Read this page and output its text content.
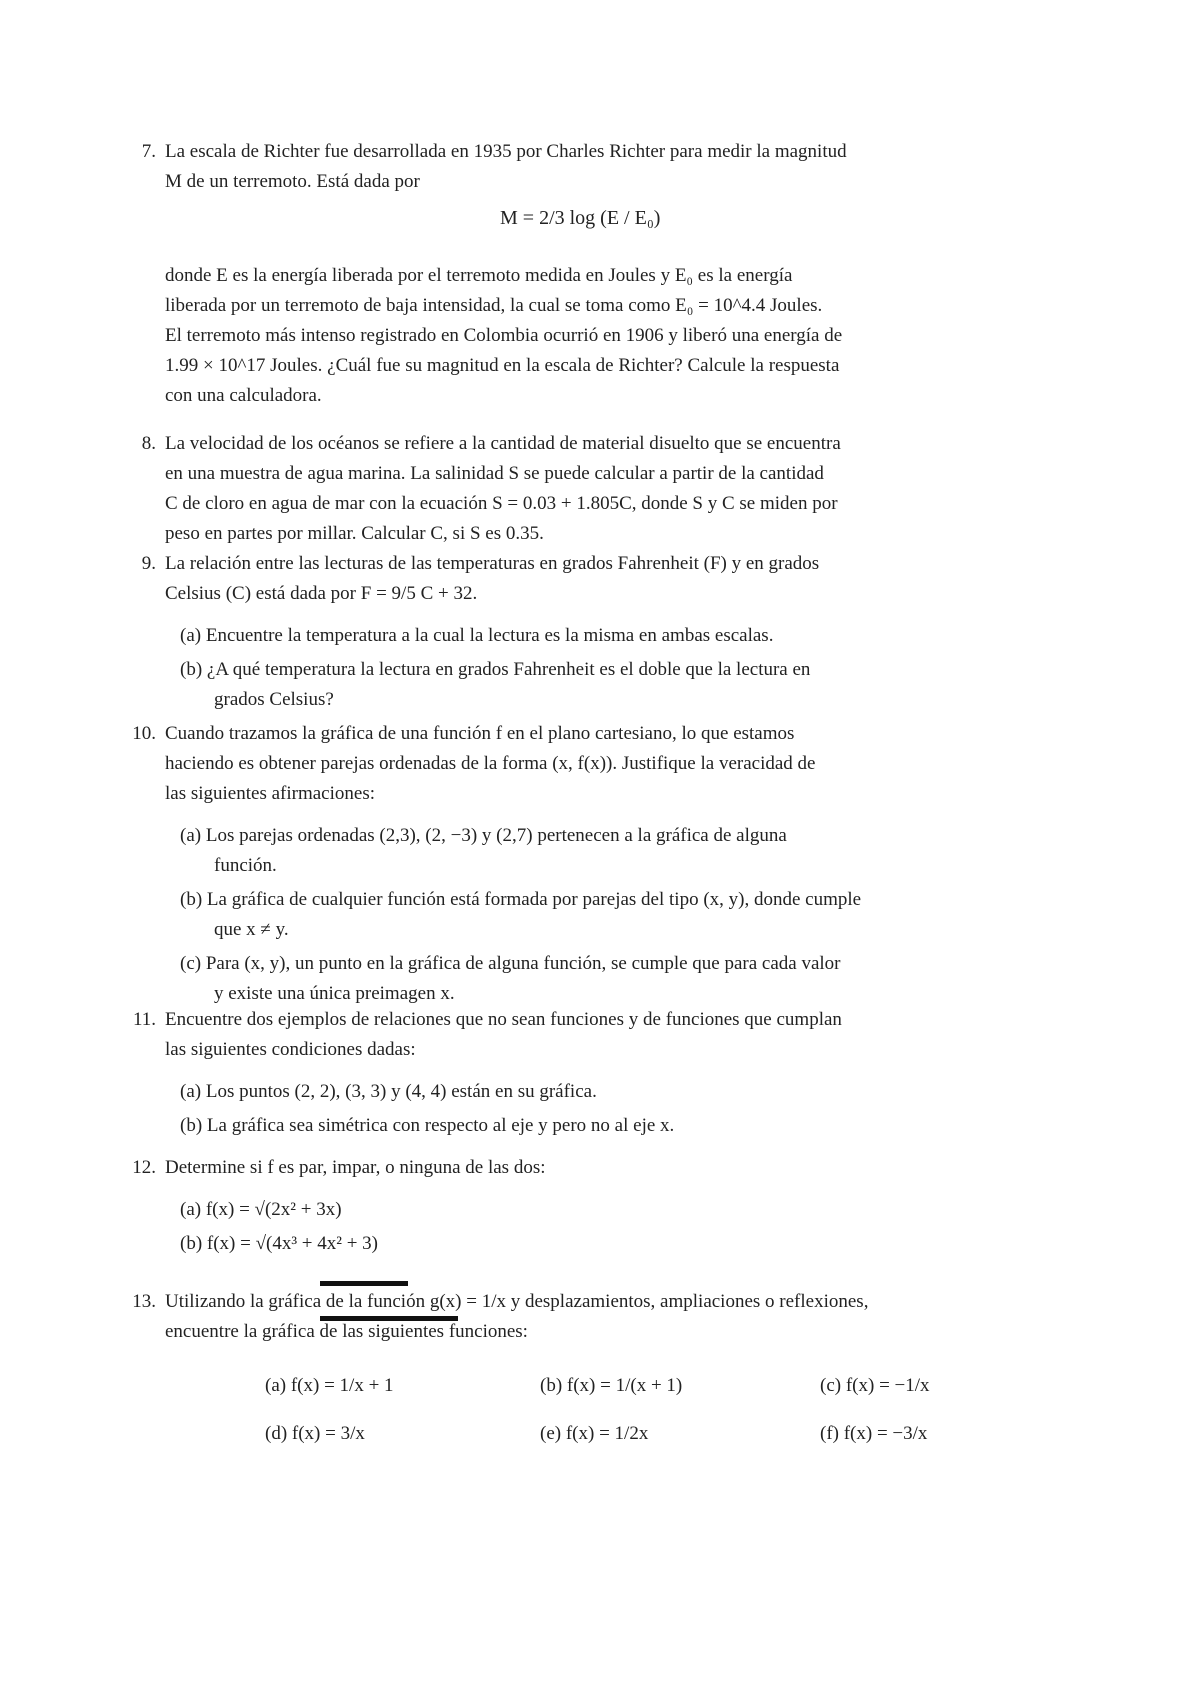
7. La escala de Richter fue desarrollada en 1935 por Charles Richter para medir la magnitud
M de un terremoto. Está dada por
M = 2/3 log (E / E₀)
donde E es la energía liberada por el terremoto medida en Joules y E₀ es la energía
liberada por un terremoto de baja intensidad, la cual se toma como E₀ = 10^4.4 Joules.
El terremoto más intenso registrado en Colombia ocurrió en 1906 y liberó una energía de
1.99 × 10^17 Joules. ¿Cuál fue su magnitud en la escala de Richter? Calcule la respuesta
con una calculadora.
8. La velocidad de los océanos se refiere a la cantidad de material disuelto que se encuentra
en una muestra de agua marina. La salinidad S se puede calcular a partir de la cantidad
C de cloro en agua de mar con la ecuación S = 0.03 + 1.805C, donde S y C se miden por
peso en partes por millar. Calcular C, si S es 0.35.
9. La relación entre las lecturas de las temperaturas en grados Fahrenheit (F) y en grados
Celsius (C) está dada por F = 9/5 C + 32.
(a) Encuentre la temperatura a la cual la lectura es la misma en ambas escalas.
(b) ¿A qué temperatura la lectura en grados Fahrenheit es el doble que la lectura en
grados Celsius?
10. Cuando trazamos la gráfica de una función f en el plano cartesiano, lo que estamos
haciendo es obtener parejas ordenadas de la forma (x, f(x)). Justifique la veracidad de
las siguientes afirmaciones:
(a) Los parejas ordenadas (2,3), (2, −3) y (2,7) pertenecen a la gráfica de alguna
función.
(b) La gráfica de cualquier función está formada por parejas del tipo (x, y), donde cumple
que x ≠ y.
(c) Para (x, y), un punto en la gráfica de alguna función, se cumple que para cada valor
y existe una única preimagen x.
11. Encuentre dos ejemplos de relaciones que no sean funciones y de funciones que cumplan
las siguientes condiciones dadas:
(a) Los puntos (2, 2), (3, 3) y (4, 4) están en su gráfica.
(b) La gráfica sea simétrica con respecto al eje y pero no al eje x.
12. Determine si f es par, impar, o ninguna de las dos:
(a) f(x) = √(2x² + 3x)
(b) f(x) = √(4x³ + 4x² + 3)
13. Utilizando la gráfica de la función g(x) = 1/x y desplazamientos, ampliaciones o reflexiones,
encuentre la gráfica de las siguientes funciones:
(a) f(x) = 1/x + 1	(b) f(x) = 1/(x + 1)	(c) f(x) = −1/x
(d) f(x) = 3/x	(e) f(x) = 1/2x	(f) f(x) = −3/x
